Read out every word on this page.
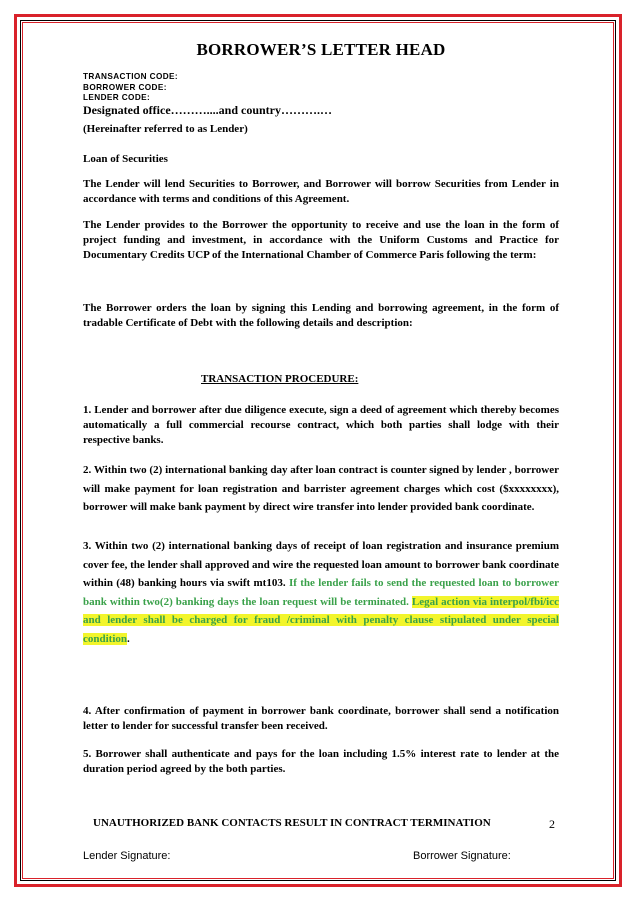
BORROWER’S LETTER HEAD
TRANSACTION CODE:
BORROWER CODE:
LENDER CODE:
Designated office………....and country……….…
(Hereinafter referred to as Lender)
Loan of Securities
The Lender will lend Securities to Borrower, and Borrower will borrow Securities from Lender in accordance with terms and conditions of this Agreement.
The Lender provides to the Borrower the opportunity to receive and use the loan in the form of project funding and investment, in accordance with the Uniform Customs and Practice for Documentary Credits UCP of the International Chamber of Commerce Paris following the term:
The Borrower orders the loan by signing this Lending and borrowing agreement, in the form of tradable Certificate of Debt with the following details and description:
TRANSACTION PROCEDURE:
1. Lender and borrower after due diligence execute, sign a deed of agreement which thereby becomes automatically a full commercial recourse contract, which both parties shall lodge with their respective banks.
2. Within two (2) international banking day after loan contract is counter signed by lender , borrower will make payment for loan registration and barrister agreement charges which cost ($xxxxxxxx), borrower will make bank payment by direct wire transfer into lender provided bank coordinate.
3. Within two (2) international banking days of receipt of loan registration and insurance premium cover fee, the lender shall approved and wire the requested loan amount to borrower bank coordinate within (48) banking hours via swift mt103. If the lender fails to send the requested loan to borrower bank within two(2) banking days the loan request will be terminated. Legal action via interpol/fbi/icc and lender shall be charged for fraud /criminal with penalty clause stipulated under special condition.
4. After confirmation of payment in borrower bank coordinate, borrower shall send a notification letter to lender for successful transfer been received.
5. Borrower shall authenticate and pays for the loan including 1.5% interest rate to lender at the duration period agreed by the both parties.
UNAUTHORIZED BANK CONTACTS RESULT IN CONTRACT TERMINATION	2
Lender Signature:	Borrower Signature:
